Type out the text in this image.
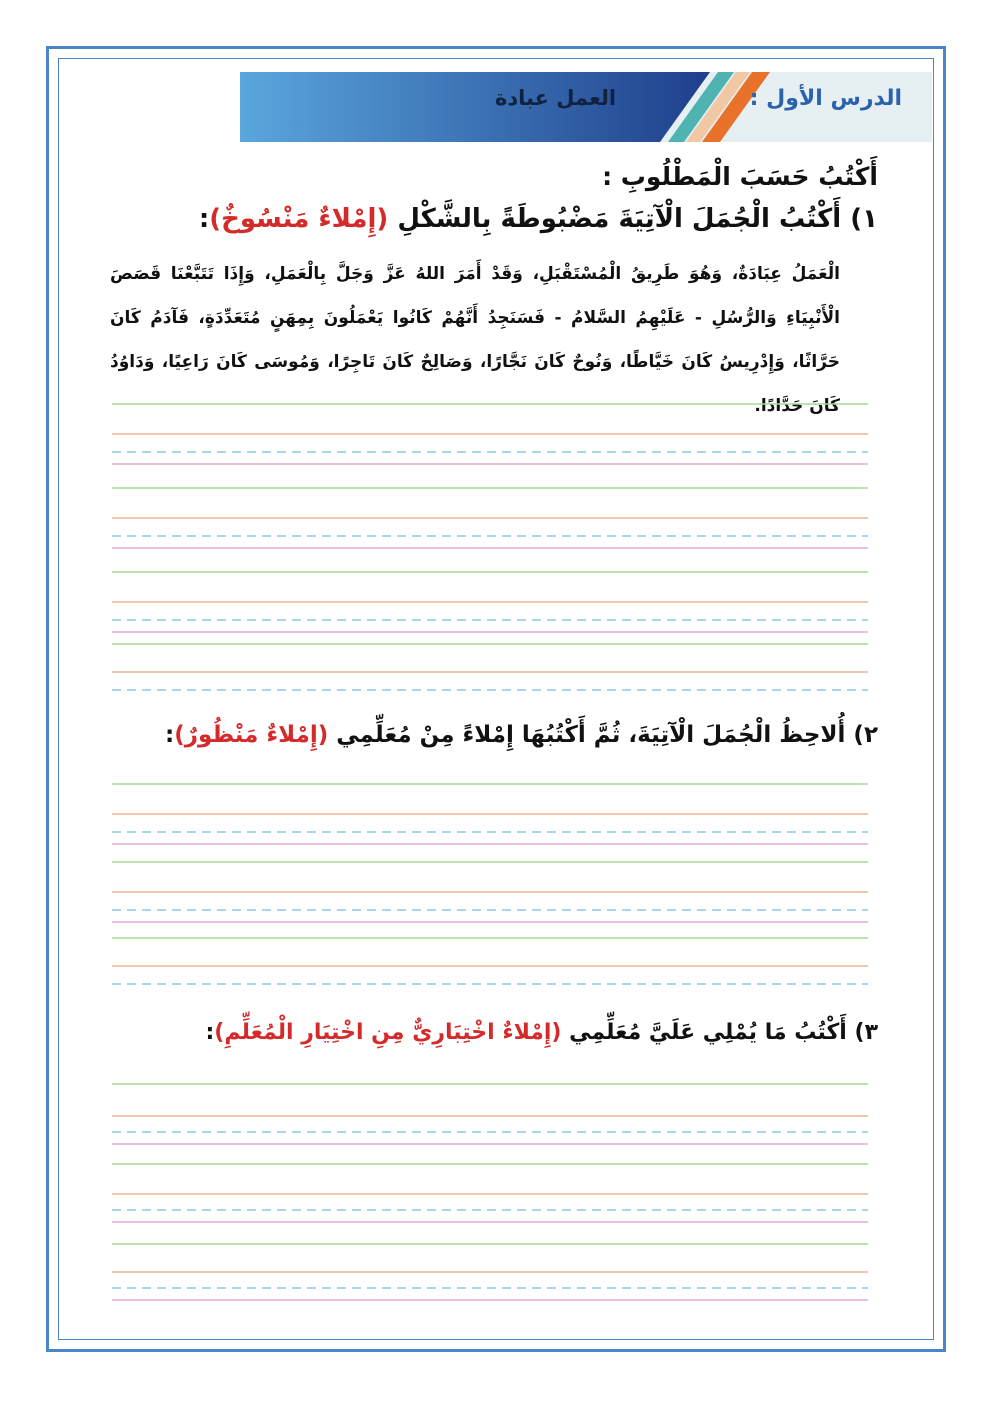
الدرس الأول :
العمل عبادة
أَكْتُبُ حَسَبَ الْمَطْلُوبِ :
١) أَكْتُبُ الْجُمَلَ الْآتِيَةَ مَضْبُوطَةً بِالشَّكْلِ (إِمْلاءٌ مَنْسُوخٌ):
الْعَمَلُ عِبَادَةٌ، وَهُوَ طَرِيقُ الْمُسْتَقْبَلِ، وَقَدْ أَمَرَ اللهُ عَزَّ وَجَلَّ بِالْعَمَلِ، وَإِذَا تَتَبَّعْنَا قَصَصَ الْأَنْبِيَاءِ وَالرُّسُلِ - عَلَيْهِمُ السَّلامُ - فَسَنَجِدُ أَنَّهُمْ كَانُوا يَعْمَلُونَ بِمِهَنٍ مُتَعَدِّدَةٍ، فَآدَمُ كَانَ حَرَّاثًا، وَإِدْرِيسُ كَانَ خَيَّاطًا، وَنُوحٌ كَانَ نَجَّارًا، وَصَالِحٌ كَانَ تَاجِرًا، وَمُوسَى كَانَ رَاعِيًا، وَدَاوُدُ كَانَ حَدَّادًا.
٢) أُلاحِظُ الْجُمَلَ الْآتِيَةَ، ثُمَّ أَكْتُبُهَا إِمْلاءً مِنْ مُعَلِّمِي (إِمْلاءٌ مَنْظُورٌ):
٣) أَكْتُبُ مَا يُمْلِي عَلَيَّ مُعَلِّمِي (إِمْلاءٌ اخْتِبَارِيٌّ مِنِ اخْتِيَارِ الْمُعَلِّمِ):
